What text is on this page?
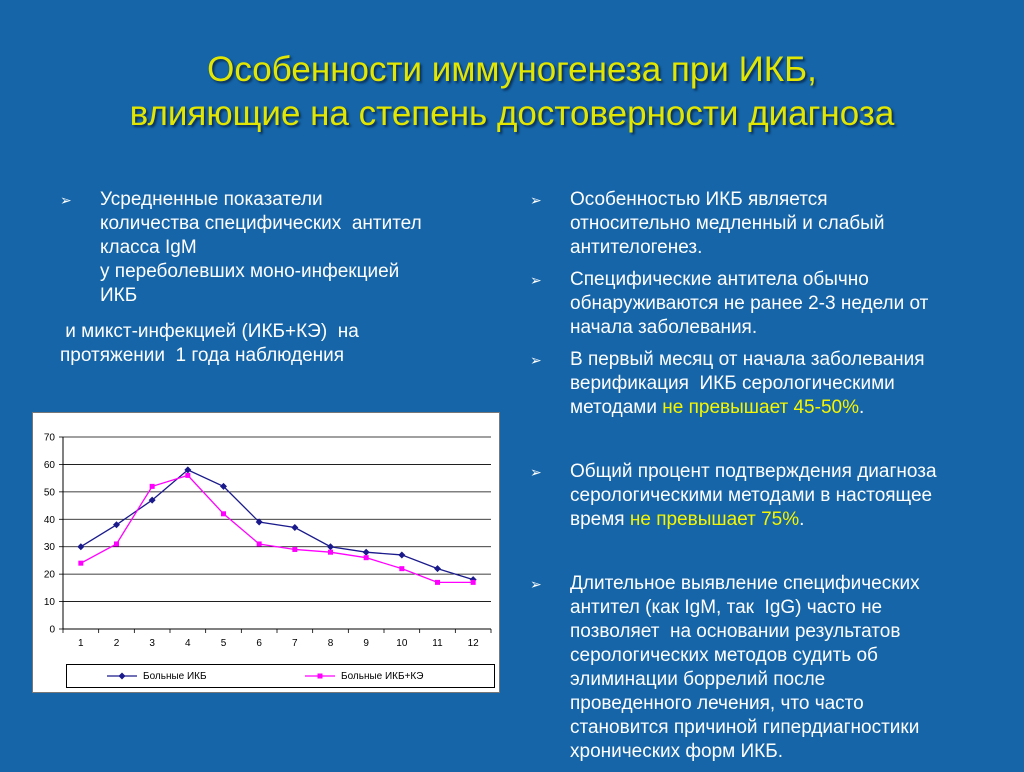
Особенности иммуногенеза при ИКБ,
влияющие на степень достоверности диагноза
➢ Усредненные показатели
количества специфических  антител
класса IgM
у переболевших моно-инфекцией
ИКБ
и микст-инфекцией (ИКБ+КЭ)  на
протяжении  1 года наблюдения
➢ Особенностью ИКБ является
относительно медленный и слабый
антителогенез.
➢ Специфические антитела обычно
обнаруживаются не ранее 2-3 недели от
начала заболевания.
➢ В первый месяц от начала заболевания
верификация  ИКБ серологическими
методами не превышает 45-50%.
➢ Общий процент подтверждения диагноза
серологическими методами в настоящее
время не превышает 75%.
➢ Длительное выявление специфических
антител (как IgM, так  IgG) часто не
позволяет  на основании результатов
серологических методов судить об
элиминации боррелий после
проведенного лечения, что часто
становится причиной гипердиагностики
хронических форм ИКБ.
0
10
20
30
40
50
60
70
1	2	3	4	5	6	7	8	9	10 11 12
Больные ИКБ	Больные ИКБ+КЭ
